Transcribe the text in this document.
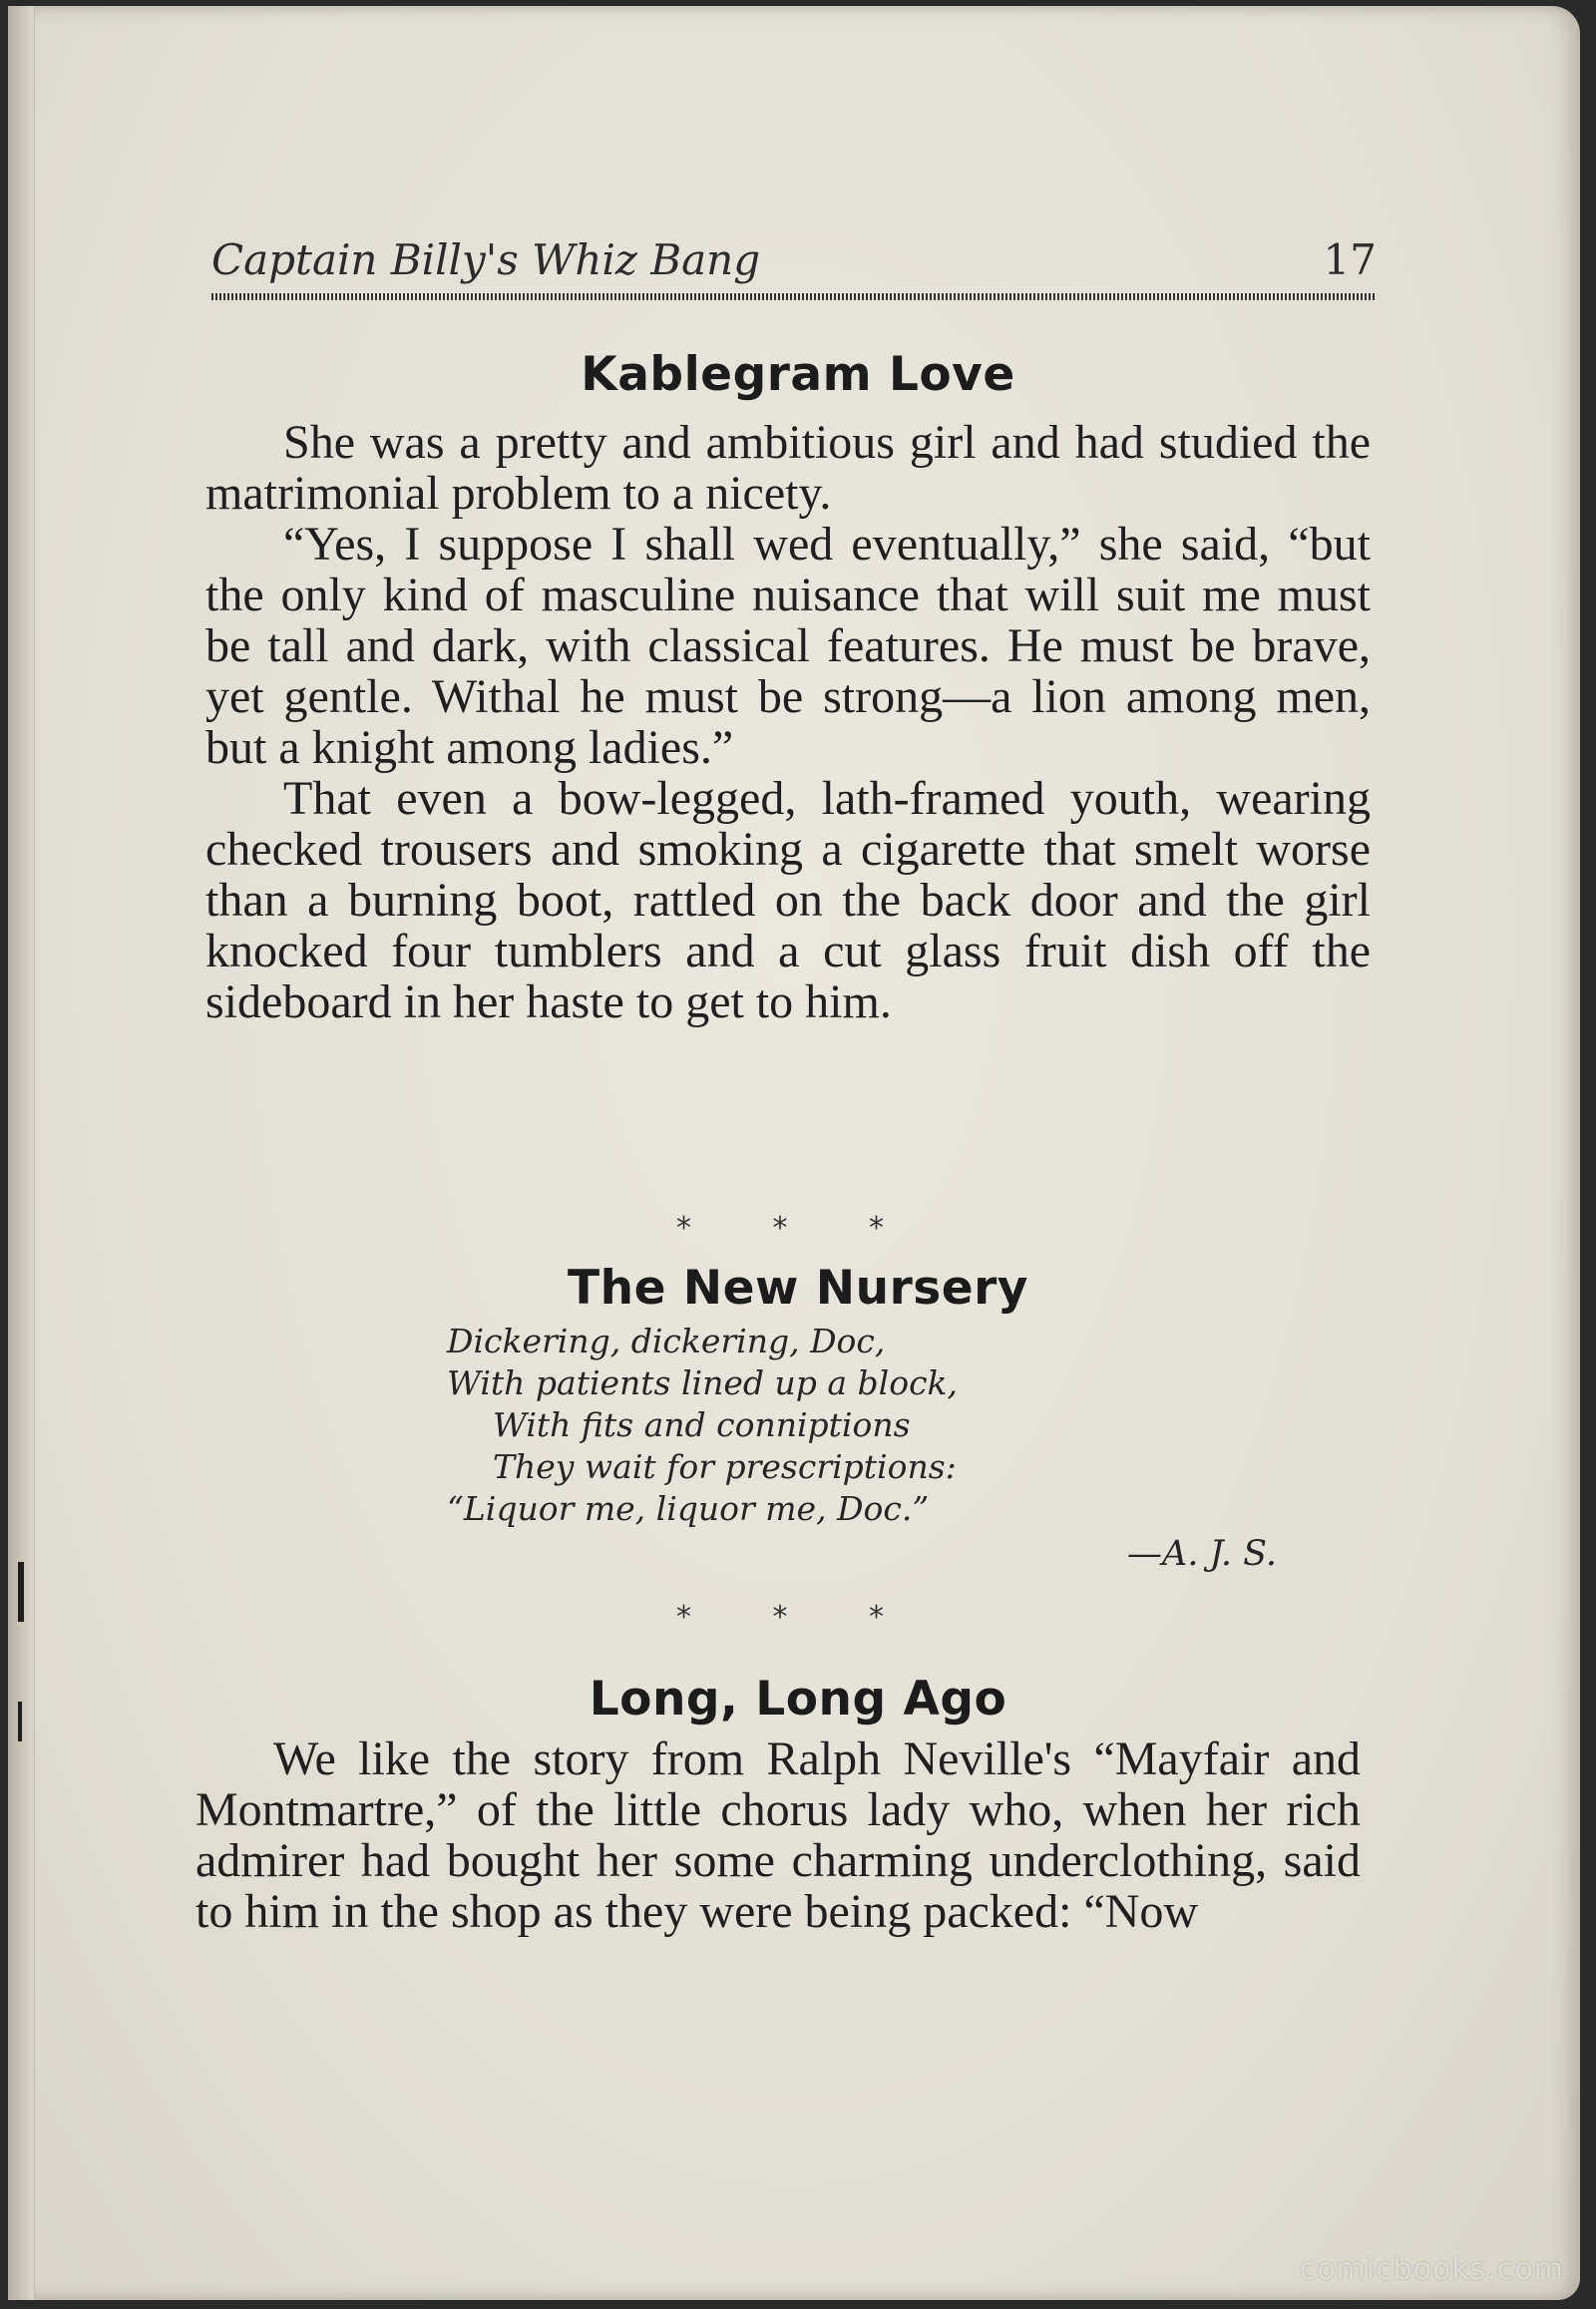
Captain Billy's Whiz Bang	17
Kablegram Love

She was a pretty and ambitious girl and had studied the matrimonial problem to a nicety.

“Yes, I suppose I shall wed eventually,” she said, “but the only kind of masculine nuisance that will suit me must be tall and dark, with classical features. He must be brave, yet gentle. Withal he must be strong—a lion among men, but a knight among ladies.”

That even a bow-legged, lath-framed youth, wearing checked trousers and smoking a cigarette that smelt worse than a burning boot, rattled on the back door and the girl knocked four tumblers and a cut glass fruit dish off the sideboard in her haste to get to him.

* * *
The New Nursery
Dickering, dickering, Doc,
With patients lined up a block,
With fits and conniptions
They wait for prescriptions:
“Liquor me, liquor me, Doc.”
—A. J. S.
* * *
Long, Long Ago

We like the story from Ralph Neville's “Mayfair and Montmartre,” of the little chorus lady who, when her rich admirer had bought her some charming underclothing, said to him in the shop as they were being packed: “Now

comicbooks.com
